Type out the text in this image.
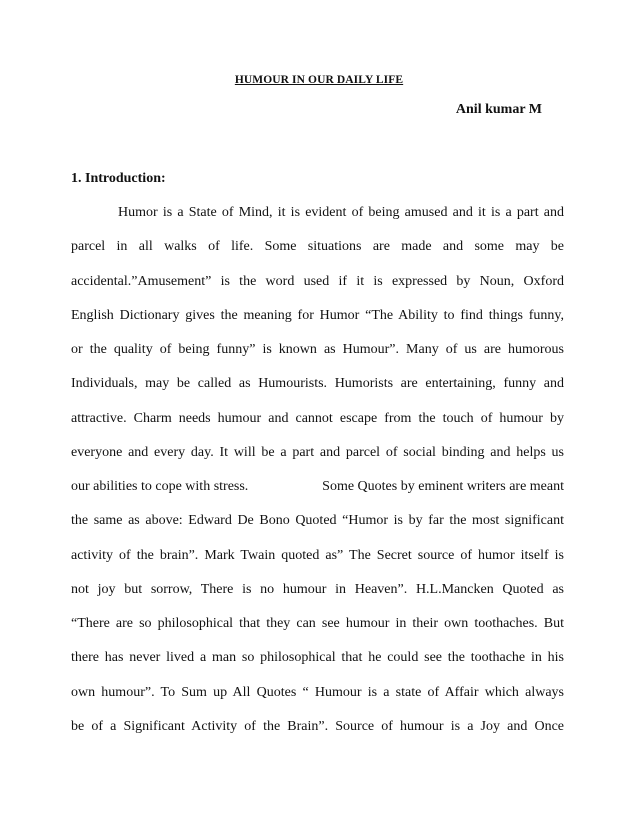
HUMOUR IN OUR DAILY LIFE
Anil kumar M
1. Introduction:
Humor is a State of Mind, it is evident of being amused and it is a part and
parcel in all walks of life. Some situations are made and some may be
accidental.”Amusement” is the word used if it is expressed by Noun, Oxford
English Dictionary gives the meaning for Humor “The Ability to find things funny,
or the quality of being funny” is known as Humour”. Many of us are humorous
Individuals, may be called as Humourists. Humorists are entertaining, funny and
attractive. Charm needs humour and cannot escape from the touch of humour by
everyone and every day. It will be a part and parcel of social binding and helps us
our abilities to cope with stress.	Some Quotes by eminent writers are meant
the same as above: Edward De Bono Quoted “Humor is by far the most significant
activity of the brain”. Mark Twain quoted as” The Secret source of humor itself is
not joy but sorrow, There is no humour in Heaven”. H.L.Mancken Quoted as
“There are so philosophical that they can see humour in their own toothaches. But
there has never lived a man so philosophical that he could see the toothache in his
own humour”. To Sum up All Quotes “ Humour is a state of Affair which always
be of a Significant Activity of the Brain”. Source of humour is a Joy and Once
